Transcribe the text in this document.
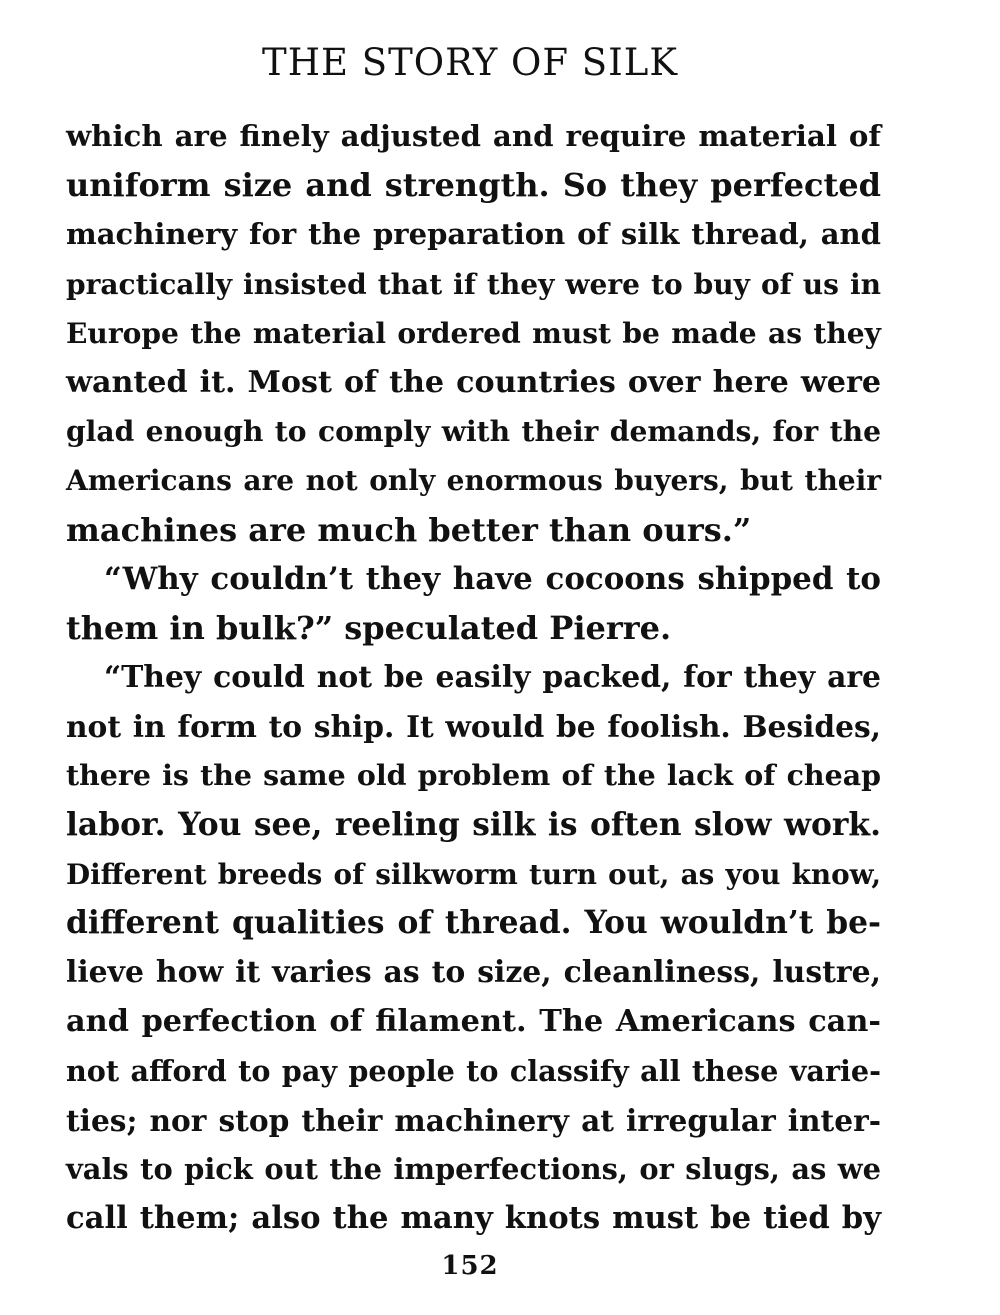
THE STORY OF SILK
which are finely adjusted and require material of
uniform size and strength. So they perfected
machinery for the preparation of silk thread, and
practically insisted that if they were to buy of us in
Europe the material ordered must be made as they
wanted it. Most of the countries over here were
glad enough to comply with their demands, for the
Americans are not only enormous buyers, but their
machines are much better than ours.”
“Why couldn’t they have cocoons shipped to
them in bulk?” speculated Pierre.
“They could not be easily packed, for they are
not in form to ship. It would be foolish. Besides,
there is the same old problem of the lack of cheap
labor. You see, reeling silk is often slow work.
Different breeds of silkworm turn out, as you know,
different qualities of thread. You wouldn’t be-
lieve how it varies as to size, cleanliness, lustre,
and perfection of filament. The Americans can-
not afford to pay people to classify all these varie-
ties; nor stop their machinery at irregular inter-
vals to pick out the imperfections, or slugs, as we
call them; also the many knots must be tied by
152
